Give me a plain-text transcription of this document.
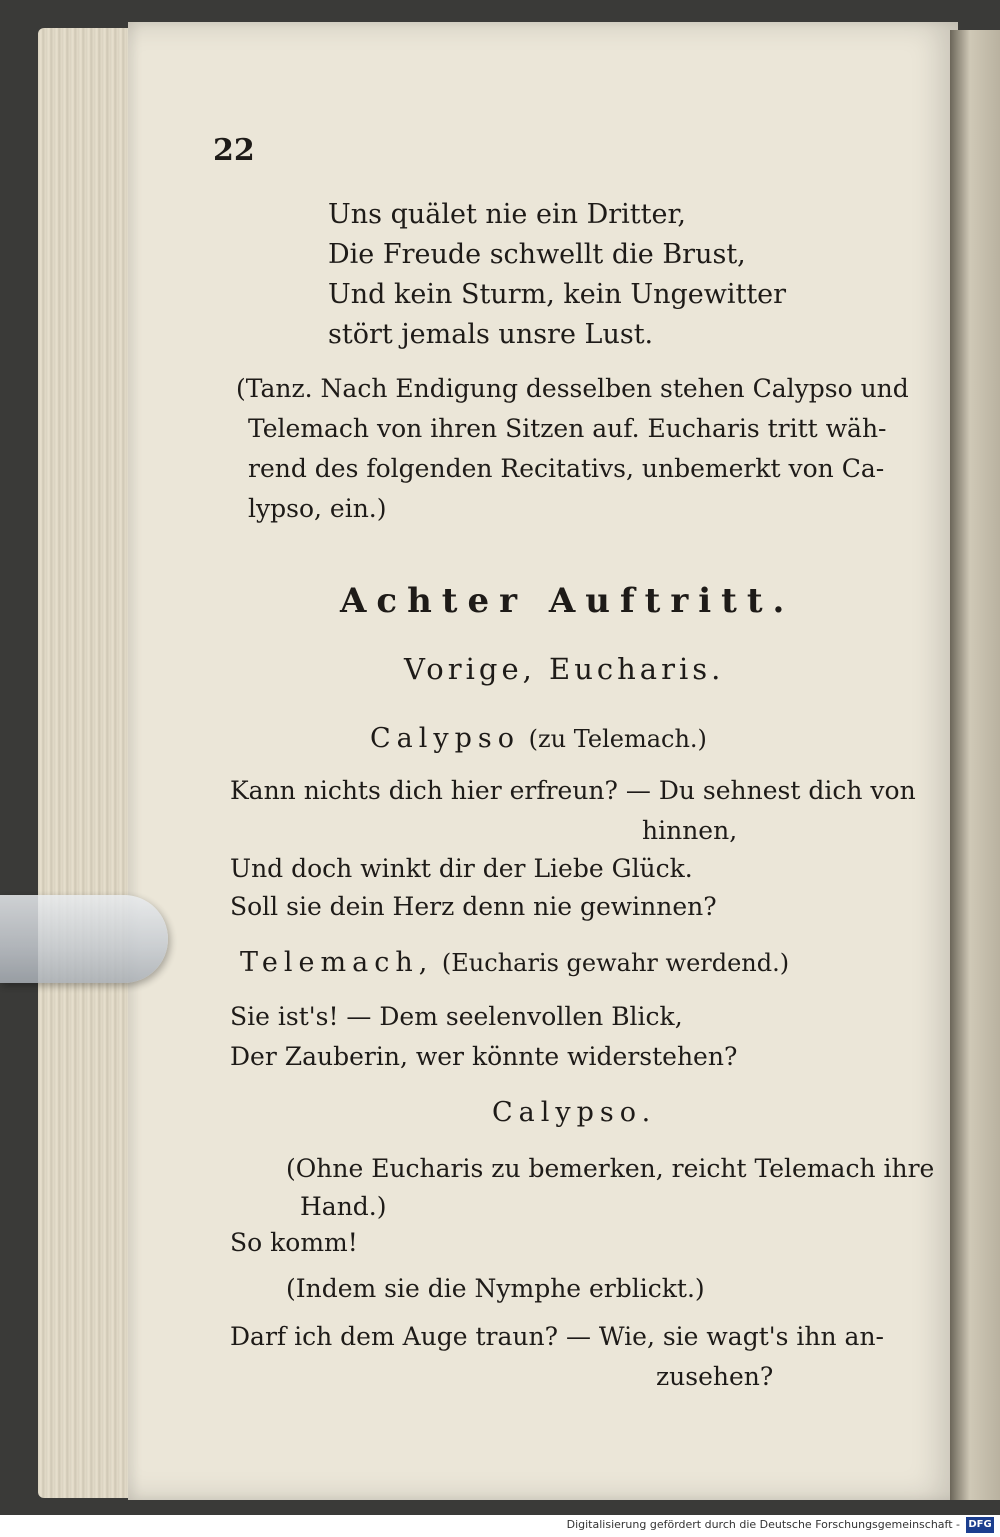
22
Uns quälet nie ein Dritter,
Die Freude schwellt die Brust,
Und kein Sturm, kein Ungewitter
stört jemals unsre Lust.
(Tanz. Nach Endigung desselben stehen Calypso und
Telemach von ihren Sitzen auf. Eucharis tritt wäh-
rend des folgenden Recitativs, unbemerkt von Ca-
lypso, ein.)
Achter Auftritt.
Vorige, Eucharis.
Calypso (zu Telemach.)
Kann nichts dich hier erfreun? — Du sehnest dich von
hinnen,
Und doch winkt dir der Liebe Glück.
Soll sie dein Herz denn nie gewinnen?
Telemach, (Eucharis gewahr werdend.)
Sie ist's! — Dem seelenvollen Blick,
Der Zauberin, wer könnte widerstehen?
Calypso.
(Ohne Eucharis zu bemerken, reicht Telemach ihre
Hand.)
So komm!
(Indem sie die Nymphe erblickt.)
Darf ich dem Auge traun? — Wie, sie wagt's ihn an-
zusehen?
Digitalisierung gefördert durch die Deutsche Forschungsgemeinschaft - DFG
